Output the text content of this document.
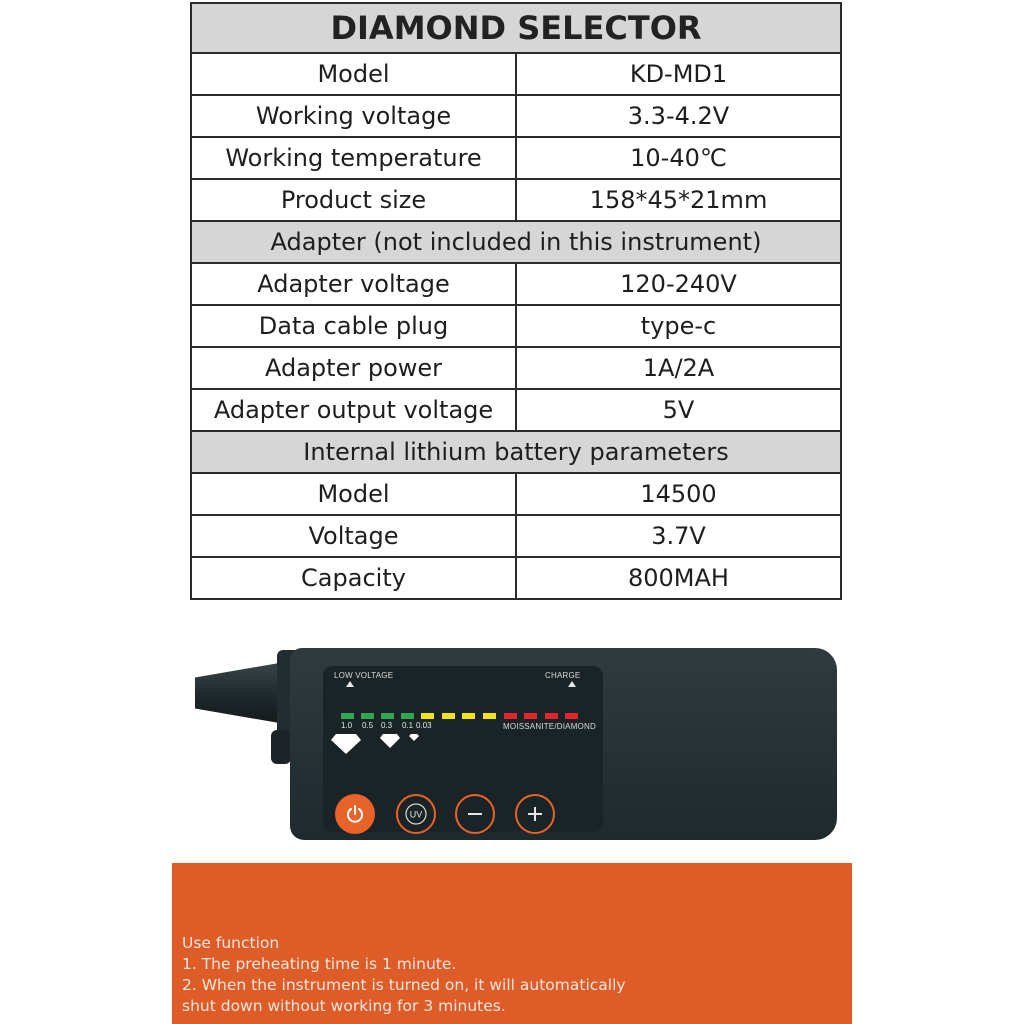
DIAMOND SELECTOR	
Model	KD-MD1
Working voltage	3.3-4.2V
Working temperature	10-40℃
Product size	158*45*21mm
Adapter (not included in this instrument)	
Adapter voltage	120-240V
Data cable plug	type-c
Adapter power	1A/2A
Adapter output voltage	5V
Internal lithium battery parameters	
Model	14500
Voltage	3.7V
Capacity	800MAH
LOW VOLTAGE	CHARGE
1.0 0.5 0.3 0.1 0.03	MOISSANITE/DIAMOND
UV
Use function
1. The preheating time is 1 minute.
2. When the instrument is turned on, it will automatically
shut down without working for 3 minutes.
